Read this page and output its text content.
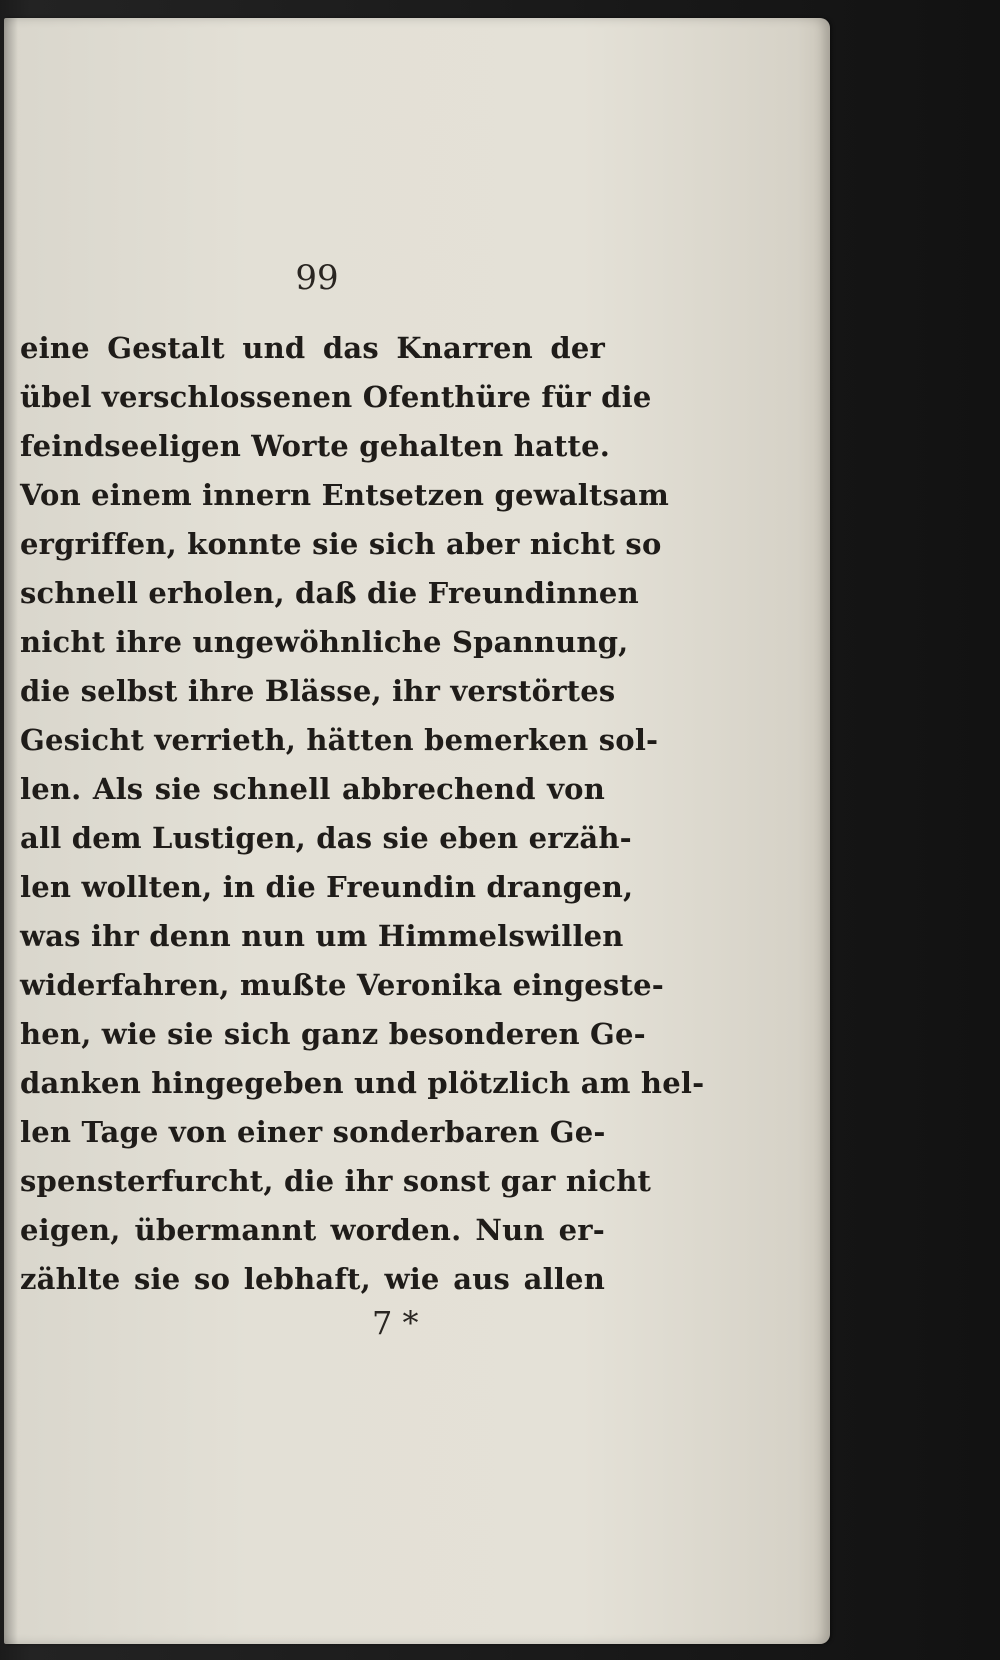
99
eine Gestalt und das Knarren der
übel verschlossenen Ofenthüre für die
feindseeligen Worte gehalten hatte.
Von einem innern Entsetzen gewaltsam
ergriffen, konnte sie sich aber nicht so
schnell erholen, daß die Freundinnen
nicht ihre ungewöhnliche Spannung,
die selbst ihre Blässe, ihr verstörtes
Gesicht verrieth, hätten bemerken sol-
len. Als sie schnell abbrechend von
all dem Lustigen, das sie eben erzäh-
len wollten, in die Freundin drangen,
was ihr denn nun um Himmelswillen
widerfahren, mußte Veronika eingeste-
hen, wie sie sich ganz besonderen Ge-
danken hingegeben und plötzlich am hel-
len Tage von einer sonderbaren Ge-
spensterfurcht, die ihr sonst gar nicht
eigen, übermannt worden. Nun er-
zählte sie so lebhaft, wie aus allen
7 *
